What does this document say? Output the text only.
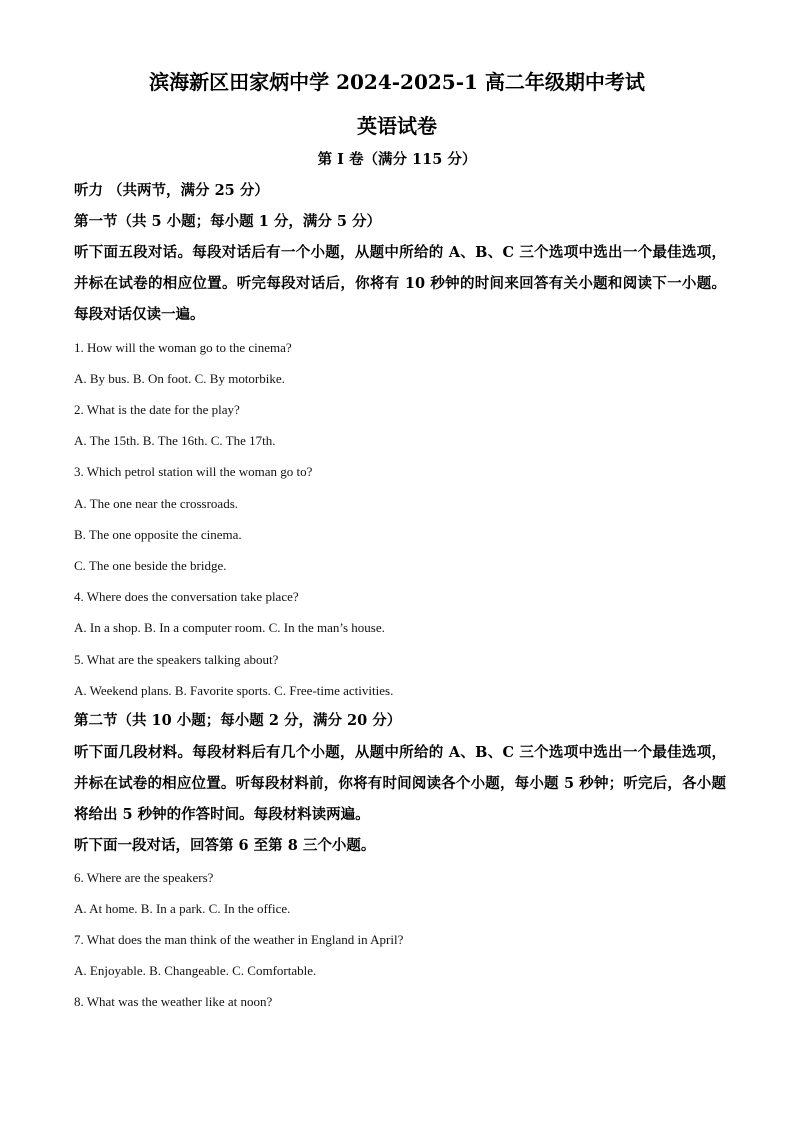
滨海新区田家炳中学 2024-2025-1 高二年级期中考试
英语试卷
第 I 卷（满分 115 分）
听力 （共两节，满分 25 分）
第一节（共 5 小题；每小题 1 分，满分 5 分）
听下面五段对话。每段对话后有一个小题，从题中所给的 A、B、C 三个选项中选出一个最佳选项，并标在试卷的相应位置。听完每段对话后，你将有 10 秒钟的时间来回答有关小题和阅读下一小题。每段对话仅读一遍。
1. How will the woman go to the cinema?
A. By bus. B. On foot. C. By motorbike.
2. What is the date for the play?
A. The 15th. B. The 16th. C. The 17th.
3. Which petrol station will the woman go to?
A. The one near the crossroads.
B. The one opposite the cinema.
C. The one beside the bridge.
4. Where does the conversation take place?
A. In a shop. B. In a computer room. C. In the man’s house.
5. What are the speakers talking about?
A. Weekend plans. B. Favorite sports. C. Free-time activities.
第二节（共 10 小题；每小题 2 分，满分 20 分）
听下面几段材料。每段材料后有几个小题，从题中所给的 A、B、C 三个选项中选出一个最佳选项，并标在试卷的相应位置。听每段材料前，你将有时间阅读各个小题，每小题 5 秒钟；听完后，各小题将给出 5 秒钟的作答时间。每段材料读两遍。
听下面一段对话，回答第 6 至第 8 三个小题。
6. Where are the speakers?
A. At home. B. In a park. C. In the office.
7. What does the man think of the weather in England in April?
A. Enjoyable. B. Changeable. C. Comfortable.
8. What was the weather like at noon?
